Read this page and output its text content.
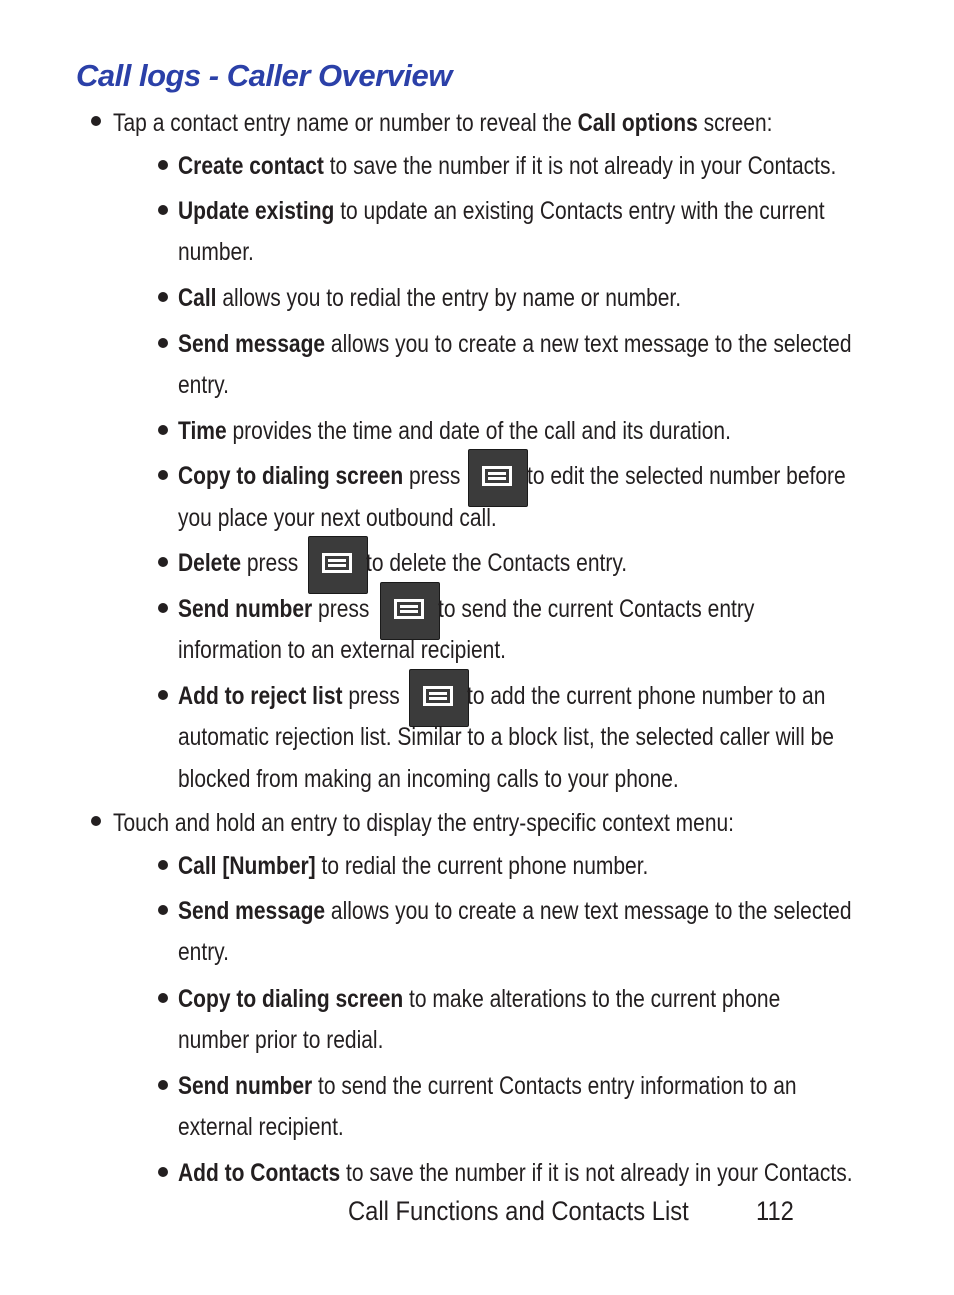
Call logs - Caller Overview
Tap a contact entry name or number to reveal the Call options screen:
Create contact to save the number if it is not already in your Contacts.
Update existing to update an existing Contacts entry with the current
number.
Call allows you to redial the entry by name or number.
Send message allows you to create a new text message to the selected
entry.
Time provides the time and date of the call and its duration.
Copy to dialing screen press	to edit the selected number before
you place your next outbound call.
Delete press	to delete the Contacts entry.
Send number press	to send the current Contacts entry
information to an external recipient.
Add to reject list press	to add the current phone number to an
automatic rejection list. Similar to a block list, the selected caller will be
blocked from making an incoming calls to your phone.
Touch and hold an entry to display the entry-specific context menu:
Call [Number] to redial the current phone number.
Send message allows you to create a new text message to the selected
entry.
Copy to dialing screen to make alterations to the current phone
number prior to redial.
Send number to send the current Contacts entry information to an
external recipient.
Add to Contacts to save the number if it is not already in your Contacts.
Call Functions and Contacts List 112
